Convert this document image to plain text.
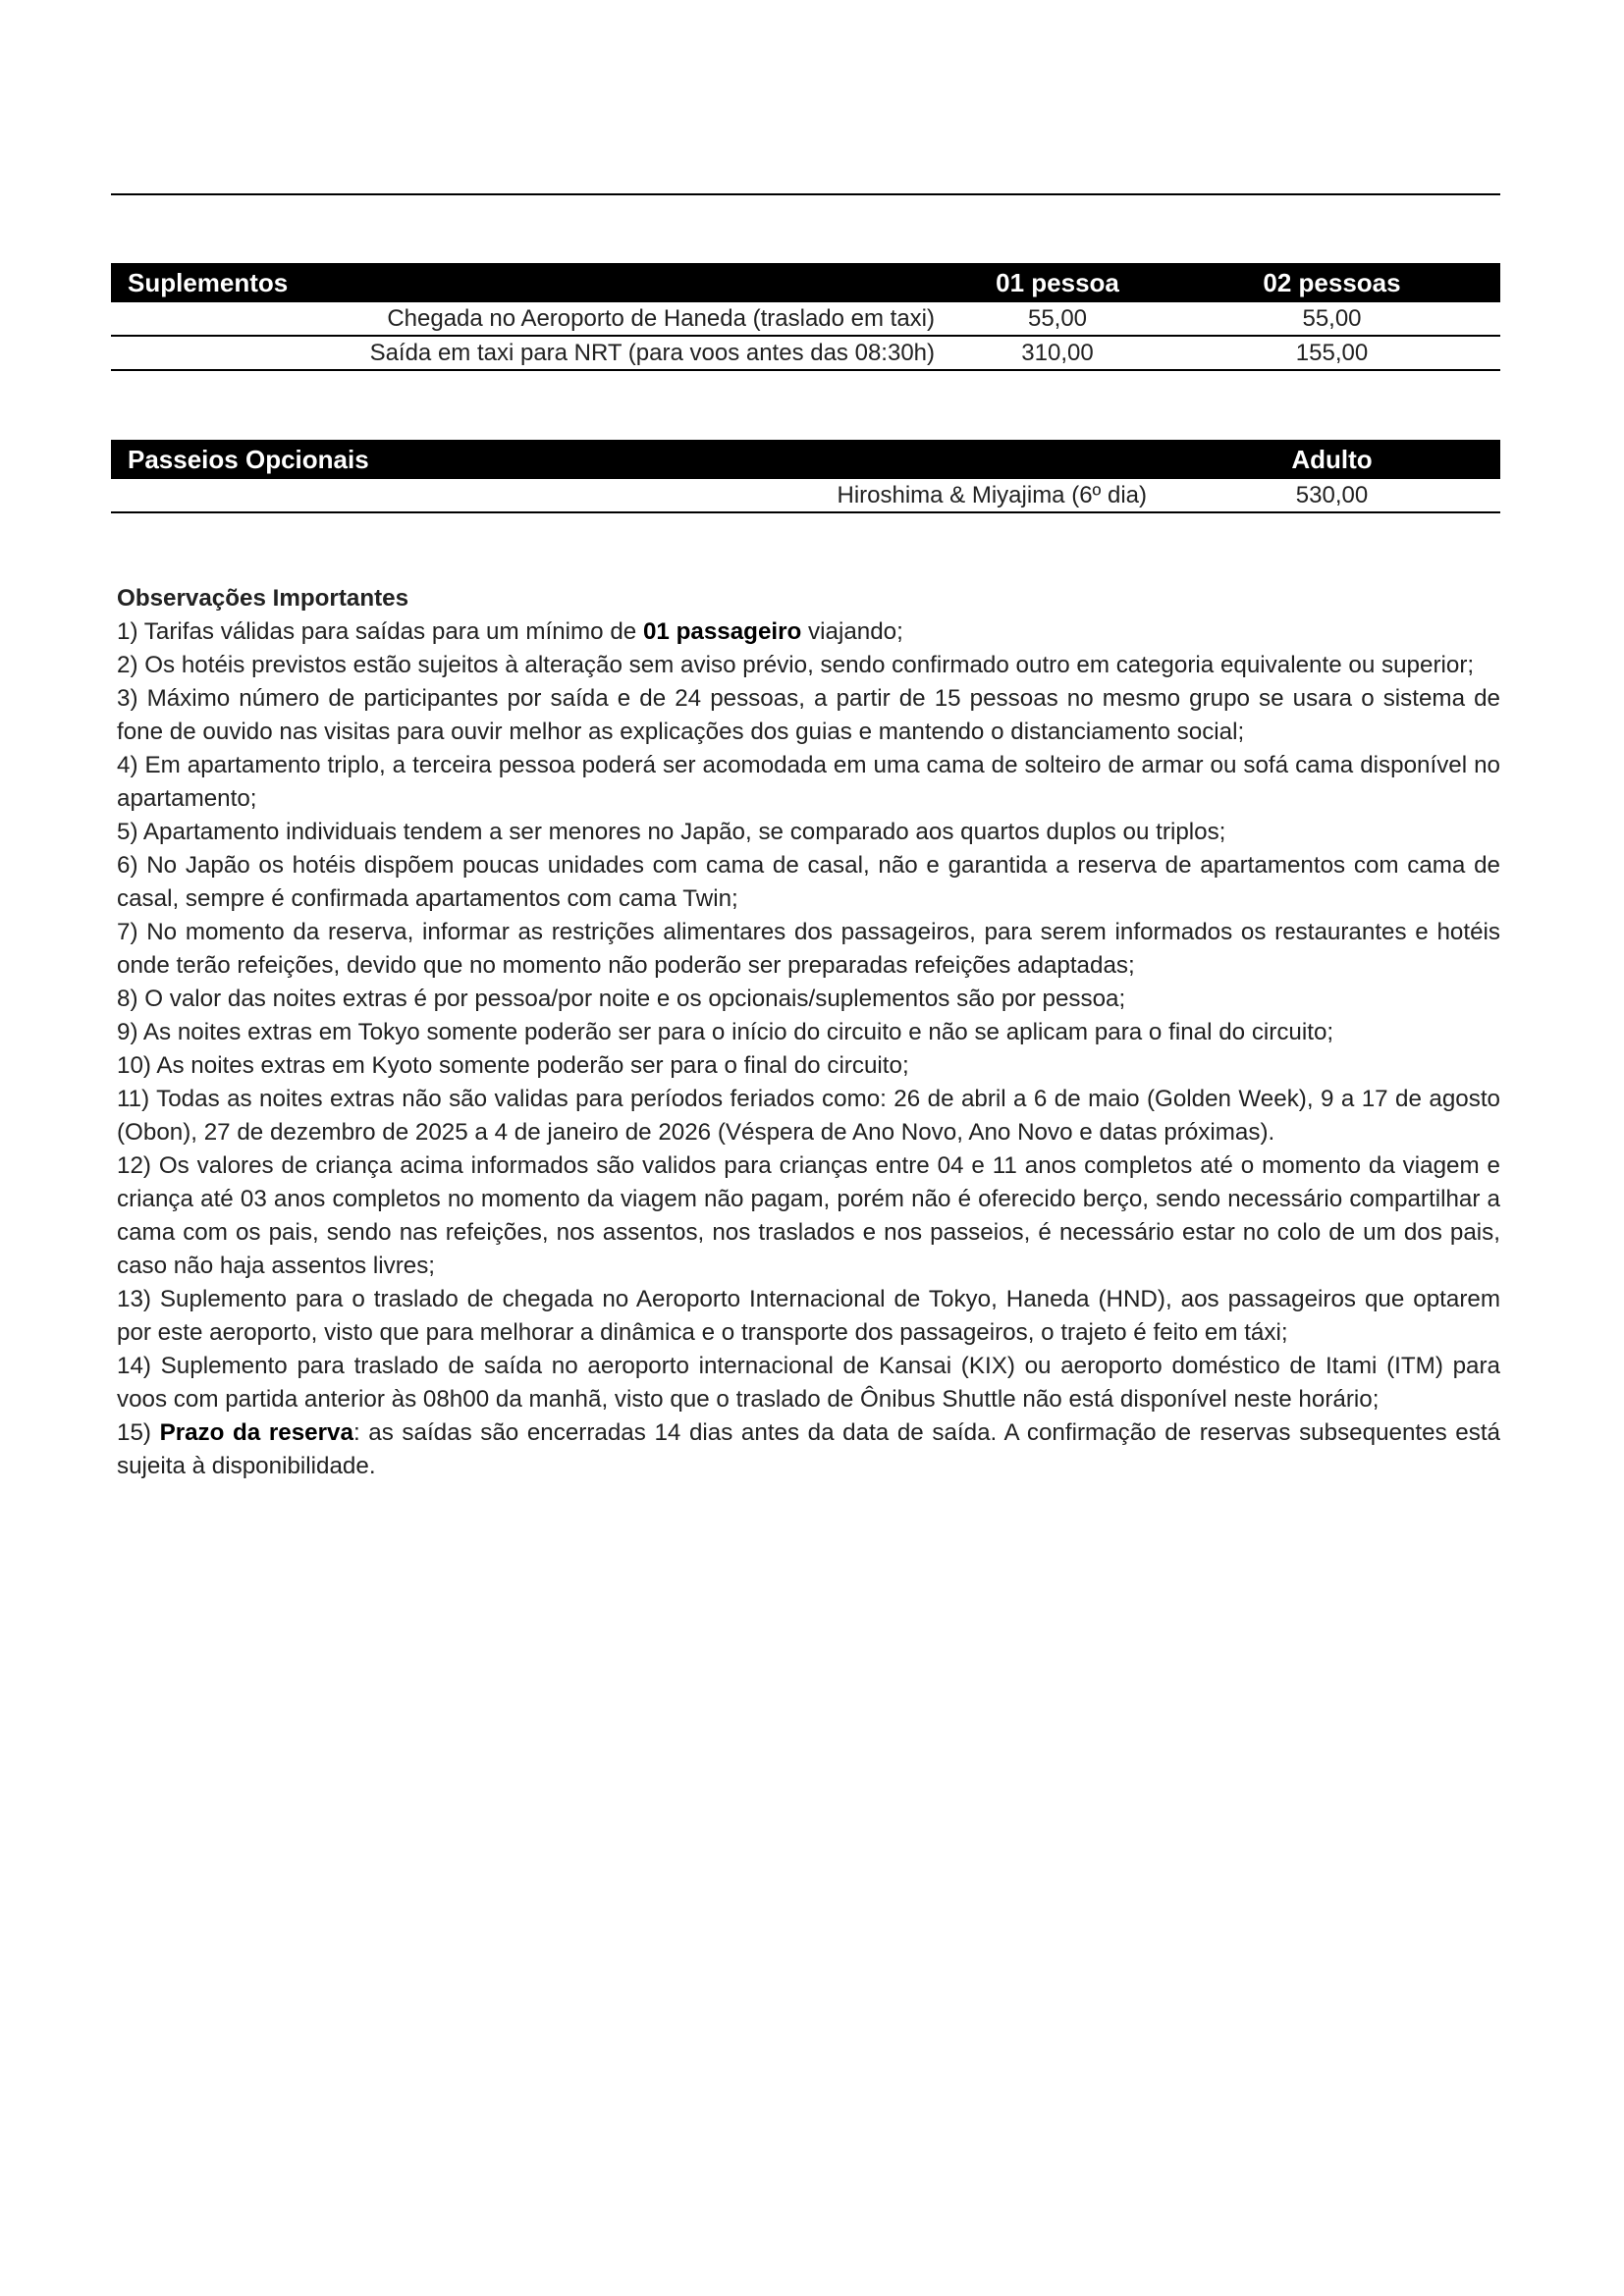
Suplementos	01 pessoa	02 pessoas
Chegada no Aeroporto de Haneda (traslado em taxi)	55,00	55,00
Saída em taxi para NRT (para voos antes das 08:30h)	310,00	155,00
Passeios Opcionais	Adulto
Hiroshima & Miyajima (6º dia)	530,00

Observações Importantes

1) Tarifas válidas para saídas para um mínimo de 01 passageiro viajando;

2) Os hotéis previstos estão sujeitos à alteração sem aviso prévio, sendo confirmado outro em categoria equivalente ou superior;

3) Máximo número de participantes por saída e de 24 pessoas, a partir de 15 pessoas no mesmo grupo se usara o sistema de fone de ouvido nas visitas para ouvir melhor as explicações dos guias e mantendo o distanciamento social;

4) Em apartamento triplo, a terceira pessoa poderá ser acomodada em uma cama de solteiro de armar ou sofá cama disponível no apartamento;

5) Apartamento individuais tendem a ser menores no Japão, se comparado aos quartos duplos ou triplos;

6) No Japão os hotéis dispõem poucas unidades com cama de casal, não e garantida a reserva de apartamentos com cama de casal, sempre é confirmada apartamentos com cama Twin;

7) No momento da reserva, informar as restrições alimentares dos passageiros, para serem informados os restaurantes e hotéis onde terão refeições, devido que no momento não poderão ser preparadas refeições adaptadas;

8) O valor das noites extras é por pessoa/por noite e os opcionais/suplementos são por pessoa;

9) As noites extras em Tokyo somente poderão ser para o início do circuito e não se aplicam para o final do circuito;

10) As noites extras em Kyoto somente poderão ser para o final do circuito;

11) Todas as noites extras não são validas para períodos feriados como: 26 de abril a 6 de maio (Golden Week), 9 a 17 de agosto (Obon), 27 de dezembro de 2025 a 4 de janeiro de 2026 (Véspera de Ano Novo, Ano Novo e datas próximas).

12) Os valores de criança acima informados são validos para crianças entre 04 e 11 anos completos até o momento da viagem e criança até 03 anos completos no momento da viagem não pagam, porém não é oferecido berço, sendo necessário compartilhar a cama com os pais, sendo nas refeições, nos assentos, nos traslados e nos passeios, é necessário estar no colo de um dos pais, caso não haja assentos livres;

13) Suplemento para o traslado de chegada no Aeroporto Internacional de Tokyo, Haneda (HND), aos passageiros que optarem por este aeroporto, visto que para melhorar a dinâmica e o transporte dos passageiros, o trajeto é feito em táxi;

14) Suplemento para traslado de saída no aeroporto internacional de Kansai (KIX) ou aeroporto doméstico de Itami (ITM) para voos com partida anterior às 08h00 da manhã, visto que o traslado de Ônibus Shuttle não está disponível neste horário;

15) Prazo da reserva: as saídas são encerradas 14 dias antes da data de saída. A confirmação de reservas subsequentes está sujeita à disponibilidade.
